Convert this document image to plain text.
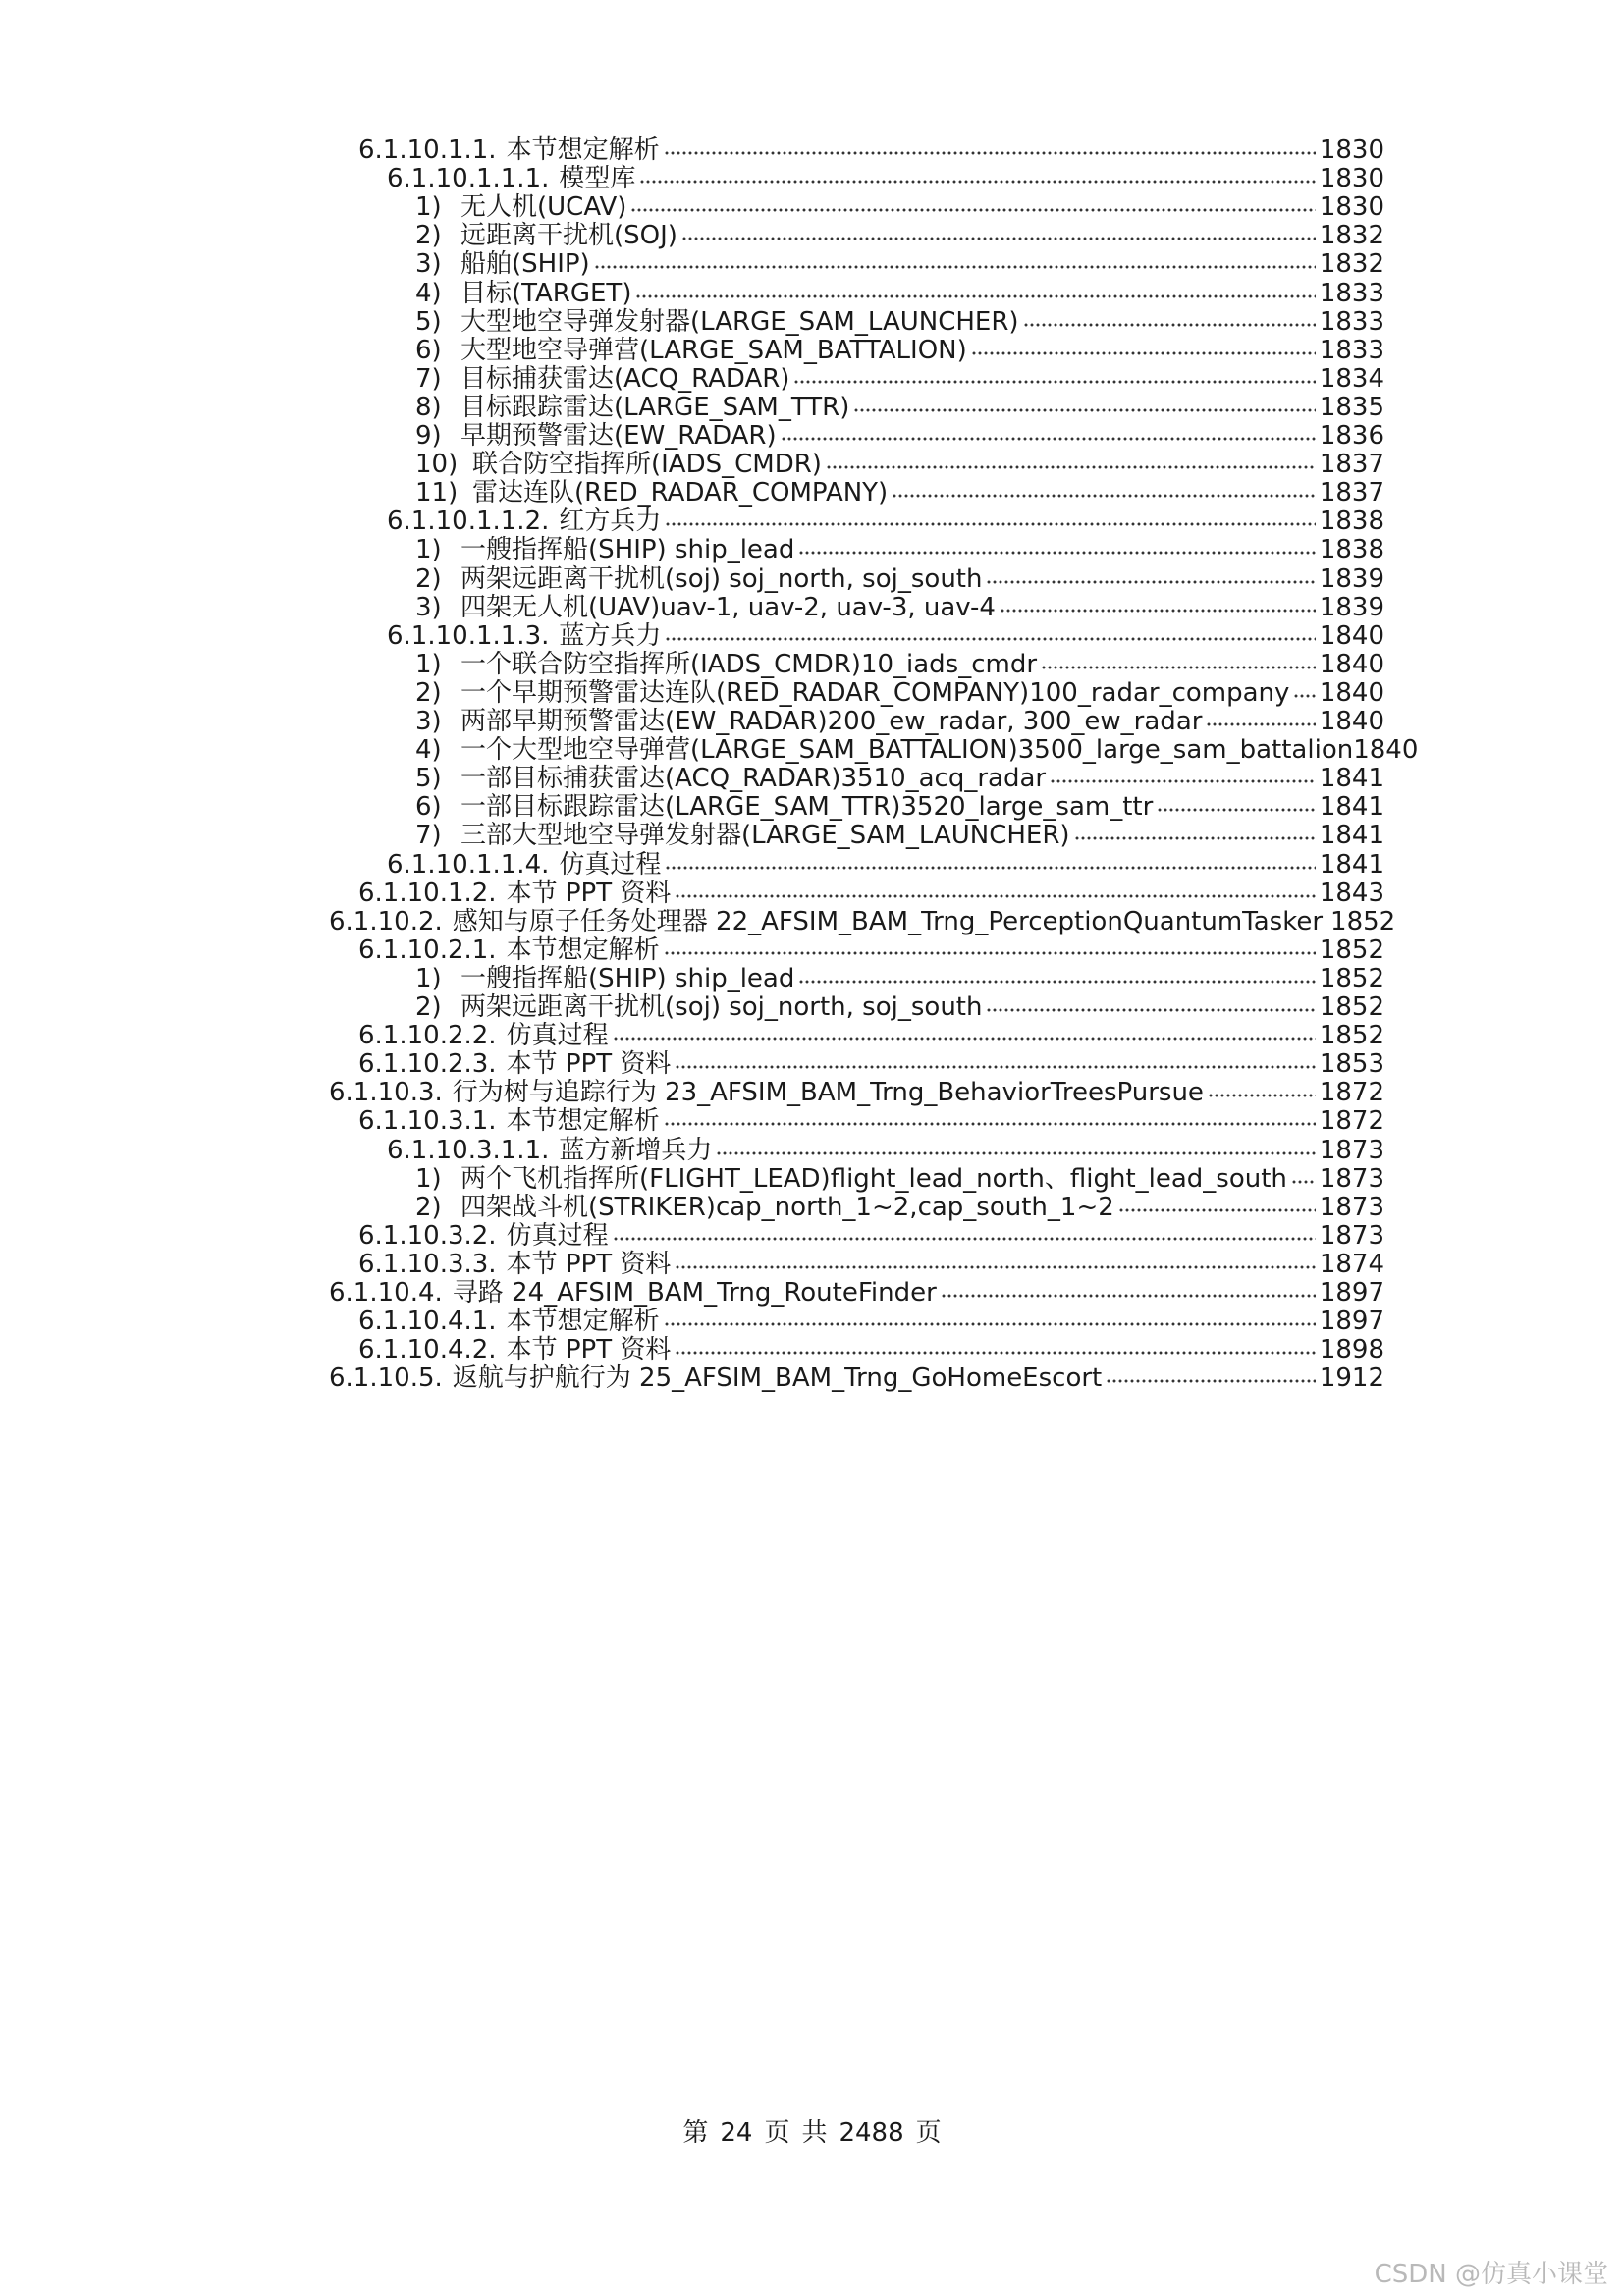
6.1.10.1.1. 本节想定解析	1830
6.1.10.1.1.1. 模型库	1830
1) 无人机(UCAV)	1830
2) 远距离干扰机(SOJ)	1832
3) 船舶(SHIP)	1832
4) 目标(TARGET)	1833
5) 大型地空导弹发射器(LARGE_SAM_LAUNCHER)	1833
6) 大型地空导弹营(LARGE_SAM_BATTALION)	1833
7) 目标捕获雷达(ACQ_RADAR)	1834
8) 目标跟踪雷达(LARGE_SAM_TTR)	1835
9) 早期预警雷达(EW_RADAR)	1836
10) 联合防空指挥所(IADS_CMDR)	1837
11) 雷达连队(RED_RADAR_COMPANY)	1837
6.1.10.1.1.2. 红方兵力	1838
1) 一艘指挥船(SHIP) ship_lead	1838
2) 两架远距离干扰机(soj) soj_north, soj_south	1839
3) 四架无人机(UAV)uav-1, uav-2, uav-3, uav-4	1839
6.1.10.1.1.3. 蓝方兵力	1840
1) 一个联合防空指挥所(IADS_CMDR)10_iads_cmdr	1840
2) 一个早期预警雷达连队(RED_RADAR_COMPANY)100_radar_company 1840
3) 两部早期预警雷达(EW_RADAR)200_ew_radar, 300_ew_radar	1840
4) 一个大型地空导弹营(LARGE_SAM_BATTALION)3500_large_sam_battalion 1840
5) 一部目标捕获雷达(ACQ_RADAR)3510_acq_radar	1841
6) 一部目标跟踪雷达(LARGE_SAM_TTR)3520_large_sam_ttr	1841
7) 三部大型地空导弹发射器(LARGE_SAM_LAUNCHER)	1841
6.1.10.1.1.4. 仿真过程	1841
6.1.10.1.2. 本节 PPT 资料	1843
6.1.10.2. 感知与原子任务处理器 22_AFSIM_BAM_Trng_PerceptionQuantumTasker 1852
6.1.10.2.1. 本节想定解析	1852
1) 一艘指挥船(SHIP) ship_lead	1852
2) 两架远距离干扰机(soj) soj_north, soj_south	1852
6.1.10.2.2. 仿真过程	1852
6.1.10.2.3. 本节 PPT 资料	1853
6.1.10.3. 行为树与追踪行为 23_AFSIM_BAM_Trng_BehaviorTreesPursue	1872
6.1.10.3.1. 本节想定解析	1872
6.1.10.3.1.1. 蓝方新增兵力	1873
1) 两个飞机指挥所(FLIGHT_LEAD)flight_lead_north、flight_lead_south 1873
2) 四架战斗机(STRIKER)cap_north_1~2,cap_south_1~2	1873
6.1.10.3.2. 仿真过程	1873
6.1.10.3.3. 本节 PPT 资料	1874
6.1.10.4. 寻路 24_AFSIM_BAM_Trng_RouteFinder	1897
6.1.10.4.1. 本节想定解析	1897
6.1.10.4.2. 本节 PPT 资料	1898
6.1.10.5. 返航与护航行为 25_AFSIM_BAM_Trng_GoHomeEscort	1912
第 24 页 共 2488 页
CSDN @仿真小课堂
